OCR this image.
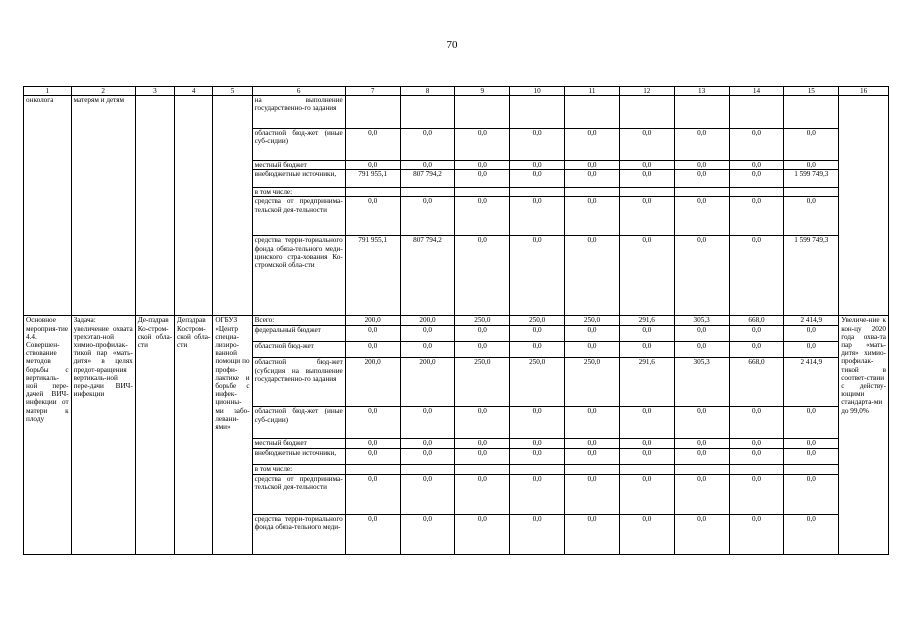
70
1	2	3	4	5	6	7	8	9	10	11	12	13	14	15	16
онкологa	матерям и детям				на выполнение государственно-го задания										
					областной бюд-жет (иные суб-сидии)	0,0	0,0	0,0	0,0	0,0	0,0	0,0	0,0	0,0	
					местный бюджет	0,0	0,0	0,0	0,0	0,0	0,0	0,0	0,0	0,0	
					внебюджетные источники,	791 955,1	807 794,2	0,0	0,0	0,0	0,0	0,0	0,0	1 599 749,3	
					в том числе:										
					средства от предпринима-тельской дея-тельности	0,0	0,0	0,0	0,0	0,0	0,0	0,0	0,0	0,0	
					средства терри-ториального фонда обяза-тельного меди-цинского стра-хования Ко-стромской обла-сти	791 955,1	807 794,2	0,0	0,0	0,0	0,0	0,0	0,0	1 599 749,3	
Основное мероприя-тие 4.4. Совершен-ствование методов борьбы с вертикаль-ной пере-дачей ВИЧ-инфекции от матери к плоду	Задача: увеличение охвата трехэтап-ной химио-профилак-тикой пар «мать-дитя» в целях предот-вращения вертикаль-ной пере-дачи ВИЧ-инфекции	Де-пздрав Ко-стром-ской обла-сти	Депздрав Костром-ской обла-сти	ОГБУЗ «Центр специа-лизиро-ванной помощи по профи-лактике и борьбе с инфек-ционны-ми забо-левани-ями»	Всего:	200,0	200,0	250,0	250,0	250,0	291,6	305,3	668,0	2 414,9	Увеличе-ние к кон-цу 2020 года охва-та пар «мать-дитя» химио-профилак-тикой в соответ-ствии с действу-ющими стандарта-ми до 99,0%
					федеральный бюджет	0,0	0,0	0,0	0,0	0,0	0,0	0,0	0,0	0,0	
					областной бюд-жет	0,0	0,0	0,0	0,0	0,0	0,0	0,0	0,0	0,0	
					областной бюд-жет (субсидия на выполнение государственно-го задания	200,0	200,0	250,0	250,0	250,0	291,6	305,3	668,0	2 414,9	
					областной бюд-жет (иные суб-сидии)	0,0	0,0	0,0	0,0	0,0	0,0	0,0	0,0	0,0	
					местный бюджет	0,0	0,0	0,0	0,0	0,0	0,0	0,0	0,0	0,0	
					внебюджетные источники,	0,0	0,0	0,0	0,0	0,0	0,0	0,0	0,0	0,0	
					в том числе:										
					средства от предпринима-тельской дея-тельности	0,0	0,0	0,0	0,0	0,0	0,0	0,0	0,0	0,0	
					средства терри-ториального фонда обяза-тельного меди-	0,0	0,0	0,0	0,0	0,0	0,0	0,0	0,0	0,0	
